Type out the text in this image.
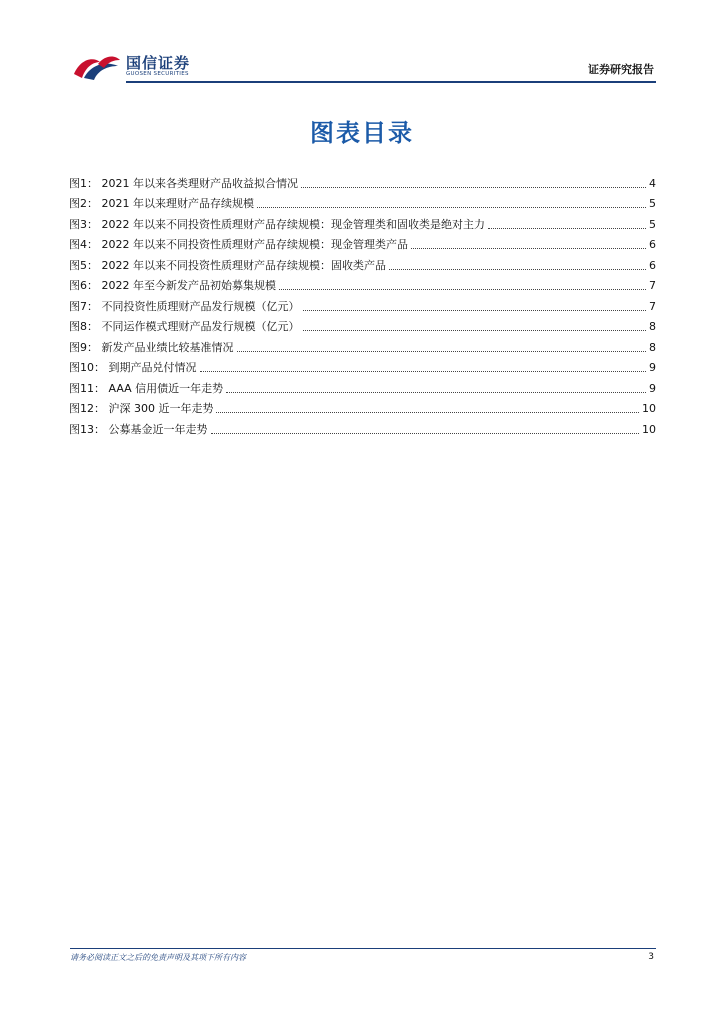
国信证券
GUOSEN SECURITIES	证券研究报告
图表目录
图1： 2021 年以来各类理财产品收益拟合情况	4
图2： 2021 年以来理财产品存续规模	5
图3： 2022 年以来不同投资性质理财产品存续规模：现金管理类和固收类是绝对主力	5
图4： 2022 年以来不同投资性质理财产品存续规模：现金管理类产品	6
图5： 2022 年以来不同投资性质理财产品存续规模：固收类产品	6
图6： 2022 年至今新发产品初始募集规模	7
图7： 不同投资性质理财产品发行规模（亿元）	7
图8： 不同运作模式理财产品发行规模（亿元）	8
图9： 新发产品业绩比较基准情况	8
图10： 到期产品兑付情况	9
图11： AAA 信用债近一年走势	9
图12： 沪深 300 近一年走势	10
图13： 公募基金近一年走势	10
请务必阅读正文之后的免责声明及其项下所有内容	3
